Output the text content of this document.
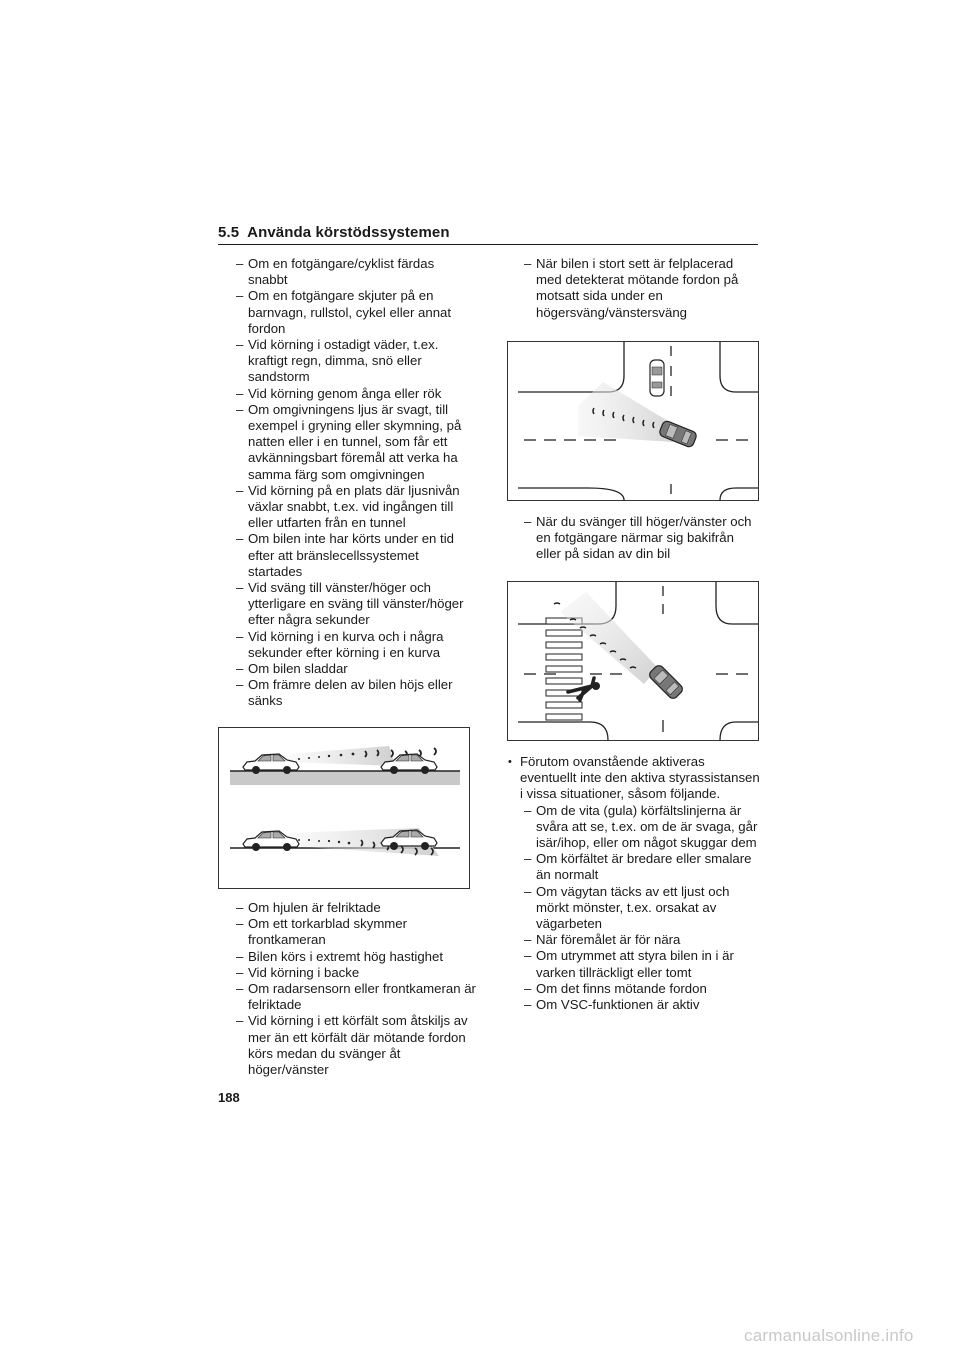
5.5 Använda körstödssystemen
– Om en fotgängare/cyklist färdas snabbt
– Om en fotgängare skjuter på en barnvagn, rullstol, cykel eller annat fordon
– Vid körning i ostadigt väder, t.ex. kraftigt regn, dimma, snö eller sandstorm
– Vid körning genom ånga eller rök
– Om omgivningens ljus är svagt, till exempel i gryning eller skymning, på natten eller i en tunnel, som får ett avkänningsbart föremål att verka ha samma färg som omgivningen
– Vid körning på en plats där ljusnivån växlar snabbt, t.ex. vid ingången till eller utfarten från en tunnel
– Om bilen inte har körts under en tid efter att bränslecellssystemet startades
– Vid sväng till vänster/höger och ytterligare en sväng till vänster/höger efter några sekunder
– Vid körning i en kurva och i några sekunder efter körning i en kurva
– Om bilen sladdar
– Om främre delen av bilen höjs eller sänks
– Om hjulen är felriktade
– Om ett torkarblad skymmer frontkameran
– Bilen körs i extremt hög hastighet
– Vid körning i backe
– Om radarsensorn eller frontkameran är felriktade
– Vid körning i ett körfält som åtskiljs av mer än ett körfält där mötande fordon körs medan du svänger åt höger/vänster
– När bilen i stort sett är felplacerad med detekterat mötande fordon på motsatt sida under en högersväng/vänstersväng
– När du svänger till höger/vänster och en fotgängare närmar sig bakifrån eller på sidan av din bil
• Förutom ovanstående aktiveras eventuellt inte den aktiva styrassistansen i vissa situationer, såsom följande.
– Om de vita (gula) körfältslinjerna är svåra att se, t.ex. om de är svaga, går isär/ihop, eller om något skuggar dem
– Om körfältet är bredare eller smalare än normalt
– Om vägytan täcks av ett ljust och mörkt mönster, t.ex. orsakat av vägarbeten
– När föremålet är för nära
– Om utrymmet att styra bilen in i är varken tillräckligt eller tomt
– Om det finns mötande fordon
– Om VSC-funktionen är aktiv
188
carmanualsonline.info
